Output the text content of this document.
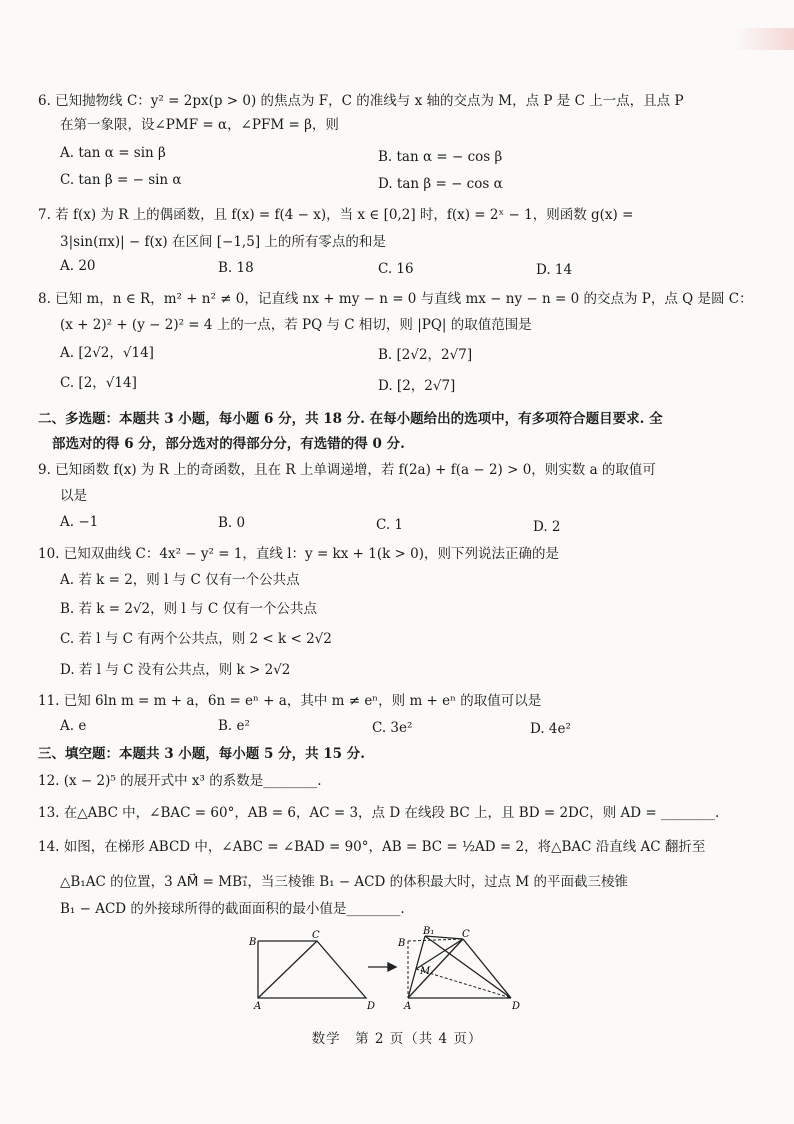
6. 已知抛物线 C：y² = 2px(p > 0) 的焦点为 F，C 的准线与 x 轴的交点为 M，点 P 是 C 上一点，且点 P
在第一象限，设∠PMF = α，∠PFM = β，则
A. tan α = sin β	B. tan α = − cos β
C. tan β = − sin α	D. tan β = − cos α
7. 若 f(x) 为 R 上的偶函数，且 f(x) = f(4 − x)，当 x ∈ [0,2] 时，f(x) = 2ˣ − 1，则函数 g(x) =
3|sin(πx)| − f(x) 在区间 [−1,5] 上的所有零点的和是
A. 20	B. 18	C. 16	D. 14
8. 已知 m，n ∈ R，m² + n² ≠ 0，记直线 nx + my − n = 0 与直线 mx − ny − n = 0 的交点为 P，点 Q 是圆 C：
(x + 2)² + (y − 2)² = 4 上的一点，若 PQ 与 C 相切，则 |PQ| 的取值范围是
A. [2√2，√14]	B. [2√2，2√7]
C. [2，√14]	D. [2，2√7]
二、多选题：本题共 3 小题，每小题 6 分，共 18 分. 在每小题给出的选项中，有多项符合题目要求. 全
部选对的得 6 分，部分选对的得部分分，有选错的得 0 分.
9. 已知函数 f(x) 为 R 上的奇函数，且在 R 上单调递增，若 f(2a) + f(a − 2) > 0，则实数 a 的取值可
以是
A. −1	B. 0	C. 1	D. 2
10. 已知双曲线 C：4x² − y² = 1，直线 l：y = kx + 1(k > 0)，则下列说法正确的是
A. 若 k = 2，则 l 与 C 仅有一个公共点
B. 若 k = 2√2，则 l 与 C 仅有一个公共点
C. 若 l 与 C 有两个公共点，则 2 < k < 2√2
D. 若 l 与 C 没有公共点，则 k > 2√2
11. 已知 6ln m = m + a，6n = eⁿ + a，其中 m ≠ eⁿ，则 m + eⁿ 的取值可以是
A. e	B. e²	C. 3e²	D. 4e²
三、填空题：本题共 3 小题，每小题 5 分，共 15 分.
12. (x − 2)⁵ 的展开式中 x³ 的系数是________.
13. 在△ABC 中，∠BAC = 60°，AB = 6，AC = 3，点 D 在线段 BC 上，且 BD = 2DC，则 AD = ________.
14. 如图，在梯形 ABCD 中，∠ABC = ∠BAD = 90°，AB = BC = ½AD = 2，将△BAC 沿直线 AC 翻折至
△B₁AC 的位置，3 AM⃗ = MB₁⃗，当三棱锥 B₁ − ACD 的体积最大时，过点 M 的平面截三棱锥
B₁ − ACD 的外接球所得的截面面积的最小值是________.
B
C
A	D
B₁
B
C
M
A	D
数学　第 2 页（共 4 页）
